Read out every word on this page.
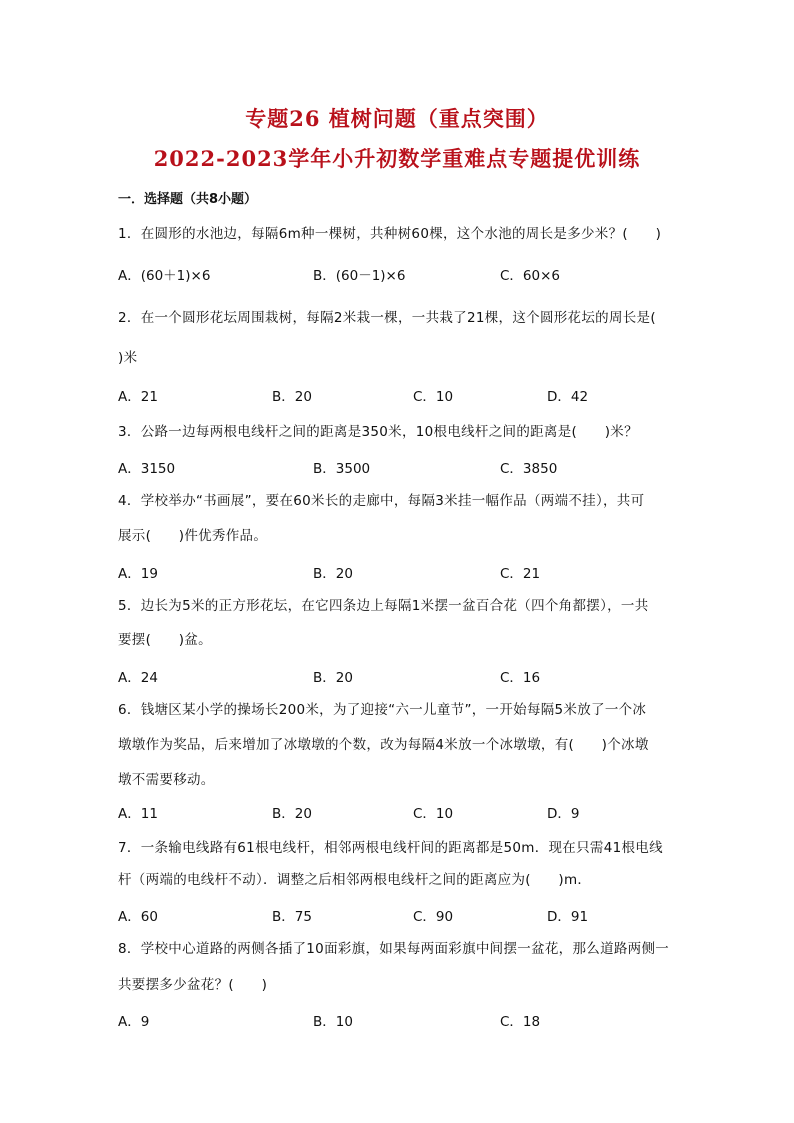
专题26 植树问题（重点突围）
2022-2023学年小升初数学重难点专题提优训练
一．选择题（共8小题）
1．在圆形的水池边，每隔6m种一棵树，共种树60棵，这个水池的周长是多少米？(　　)
A．(60＋1)×6	B．(60－1)×6	C．60×6
2．在一个圆形花坛周围栽树，每隔2米栽一棵，一共栽了21棵，这个圆形花坛的周长是(
)米
A．21	B．20	C．10	D．42
3．公路一边每两根电线杆之间的距离是350米，10根电线杆之间的距离是(　　)米？
A．3150	B．3500	C．3850
4．学校举办“书画展”，要在60米长的走廊中，每隔3米挂一幅作品（两端不挂），共可
展示(　　)件优秀作品。
A．19	B．20	C．21
5．边长为5米的正方形花坛，在它四条边上每隔1米摆一盆百合花（四个角都摆），一共
要摆(　　)盆。
A．24	B．20	C．16
6．钱塘区某小学的操场长200米，为了迎接“六一儿童节”，一开始每隔5米放了一个冰
墩墩作为奖品，后来增加了冰墩墩的个数，改为每隔4米放一个冰墩墩，有(　　)个冰墩
墩不需要移动。
A．11	B．20	C．10	D．9
7．一条输电线路有61根电线杆，相邻两根电线杆间的距离都是50m．现在只需41根电线
杆（两端的电线杆不动）．调整之后相邻两根电线杆之间的距离应为(　　)m．
A．60	B．75	C．90	D．91
8．学校中心道路的两侧各插了10面彩旗，如果每两面彩旗中间摆一盆花，那么道路两侧一
共要摆多少盆花？(　　)
A．9	B．10	C．18
